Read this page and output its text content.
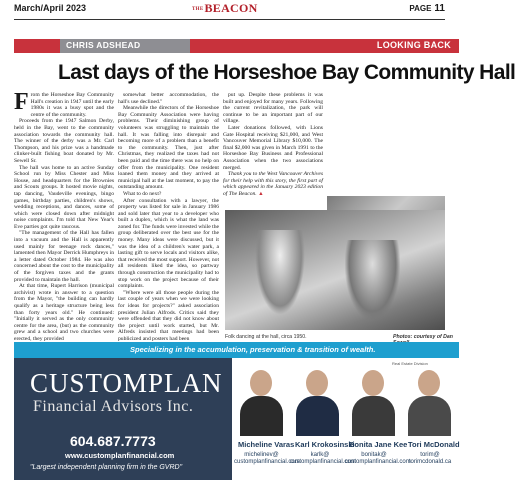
March/April 2023	THEBEACON	PAGE 11
CHRIS ADSHEAD	LOOKING BACK
Last days of the Horseshoe Bay Community Hall

From the Horseshoe Bay Community Hall's creation in 1947 until the early 1980s it was a busy spot and the centre of the community.

Proceeds from the 1947 Salmon Derby, held in the Bay, went to the community association towards the community hall. The winner of the derby was a Mr. Carl Thompson, and his prize was a handmade clinker-built fishing boat donated by Mr. Sewell Sr.

The hall was home to an active Sunday School run by Miss Chester and Miss House, and headquarters for the Brownies and Scouts groups. It hosted movie nights, tap dancing, Vaudeville evenings, bingo games, birthday parties, children's shows, wedding receptions, and dances, some of which were closed down after midnight noise complaints. I'm told that New Year's Eve parties got quite raucous.

"The management of the Hall has fallen into a vacuum and the Hall is apparently used mainly for teenage rock dances," lamented then Mayor Derrick Humphreys in a letter dated October 1984. He was also concerned about the cost to the municipality of the forgiven taxes and the grants provided to maintain the hall.

At that time, Rupert Harrison (municipal archivist) wrote in answer to a question from the Mayor, "the building can hardly qualify as a heritage structure being less than forty years old." He continued: "Initially it served as the only community centre for the area, (but) as the community grew and a school and two churches were erected, they provided

somewhat better accommodation, the hall's use declined."

Meanwhile the directors of the Horseshoe Bay Community Association were having problems. Their diminishing group of volunteers was struggling to maintain the hall. It was falling into disrepair and becoming more of a problem than a benefit to the community. Then, just after Christmas, they realized the taxes had not been paid and the time there was no help on offer from the municipality. One resident loaned them money and they arrived at municipal hall at the last moment, to pay the outstanding amount.

What to do next?

After consultation with a lawyer, the property was listed for sale in January 1986 and sold later that year to a developer who built a duplex, which is what the land was zoned for. The funds were invested while the group deliberated over the best use for the money. Many ideas were discussed, but it was the idea of a children's water park, a lasting gift to serve locals and visitors alike, that received the most support. However, not all residents liked the idea, so partway through construction the municipality had to stop work on the project because of their complaints.

"Where were all those people during the last couple of years when we were looking for ideas for projects?" asked association president Julian Alfrods. Critics said they were offended that they did not know about the project until work started, but Mr. Alfreds insisted that meetings had been publicized and posters had been

put up. Despite these problems it was built and enjoyed for many years. Following the current revitalization, the park will continue to be an important part of our village.

Later donations followed, with Lions Gate Hospital receiving $21,000, and West Vancouver Memorial Library $10,000. The final $2,000 was given in March 1991 to the Horseshoe Bay Business and Professional Association when the two associations merged.

Thank you to the West Vancouver Archives for their help with this story, the first part of which appeared in the January 2023 edition of The Beacon. ▲

Folk dancing at the hall, circa 1950.	Photos: courtesy of Dan
Specializing in the accumulation, preservation & transition of wealth.
CUSTOMPLAN
Financial Advisors Inc.
604.687.7773
www.customplanfinancial.com
"Largest independent planning firm in the GVRD"
Real Estate Division
Micheline Varas Karl Krokosinski
Bonita Jane Kee Tori McDonald
michelinev@
customplanfinancial.com
karlk@
customplanfinancial.com
bonitak@
customplanfinancial.com
torim@
torimcdonald.ca
